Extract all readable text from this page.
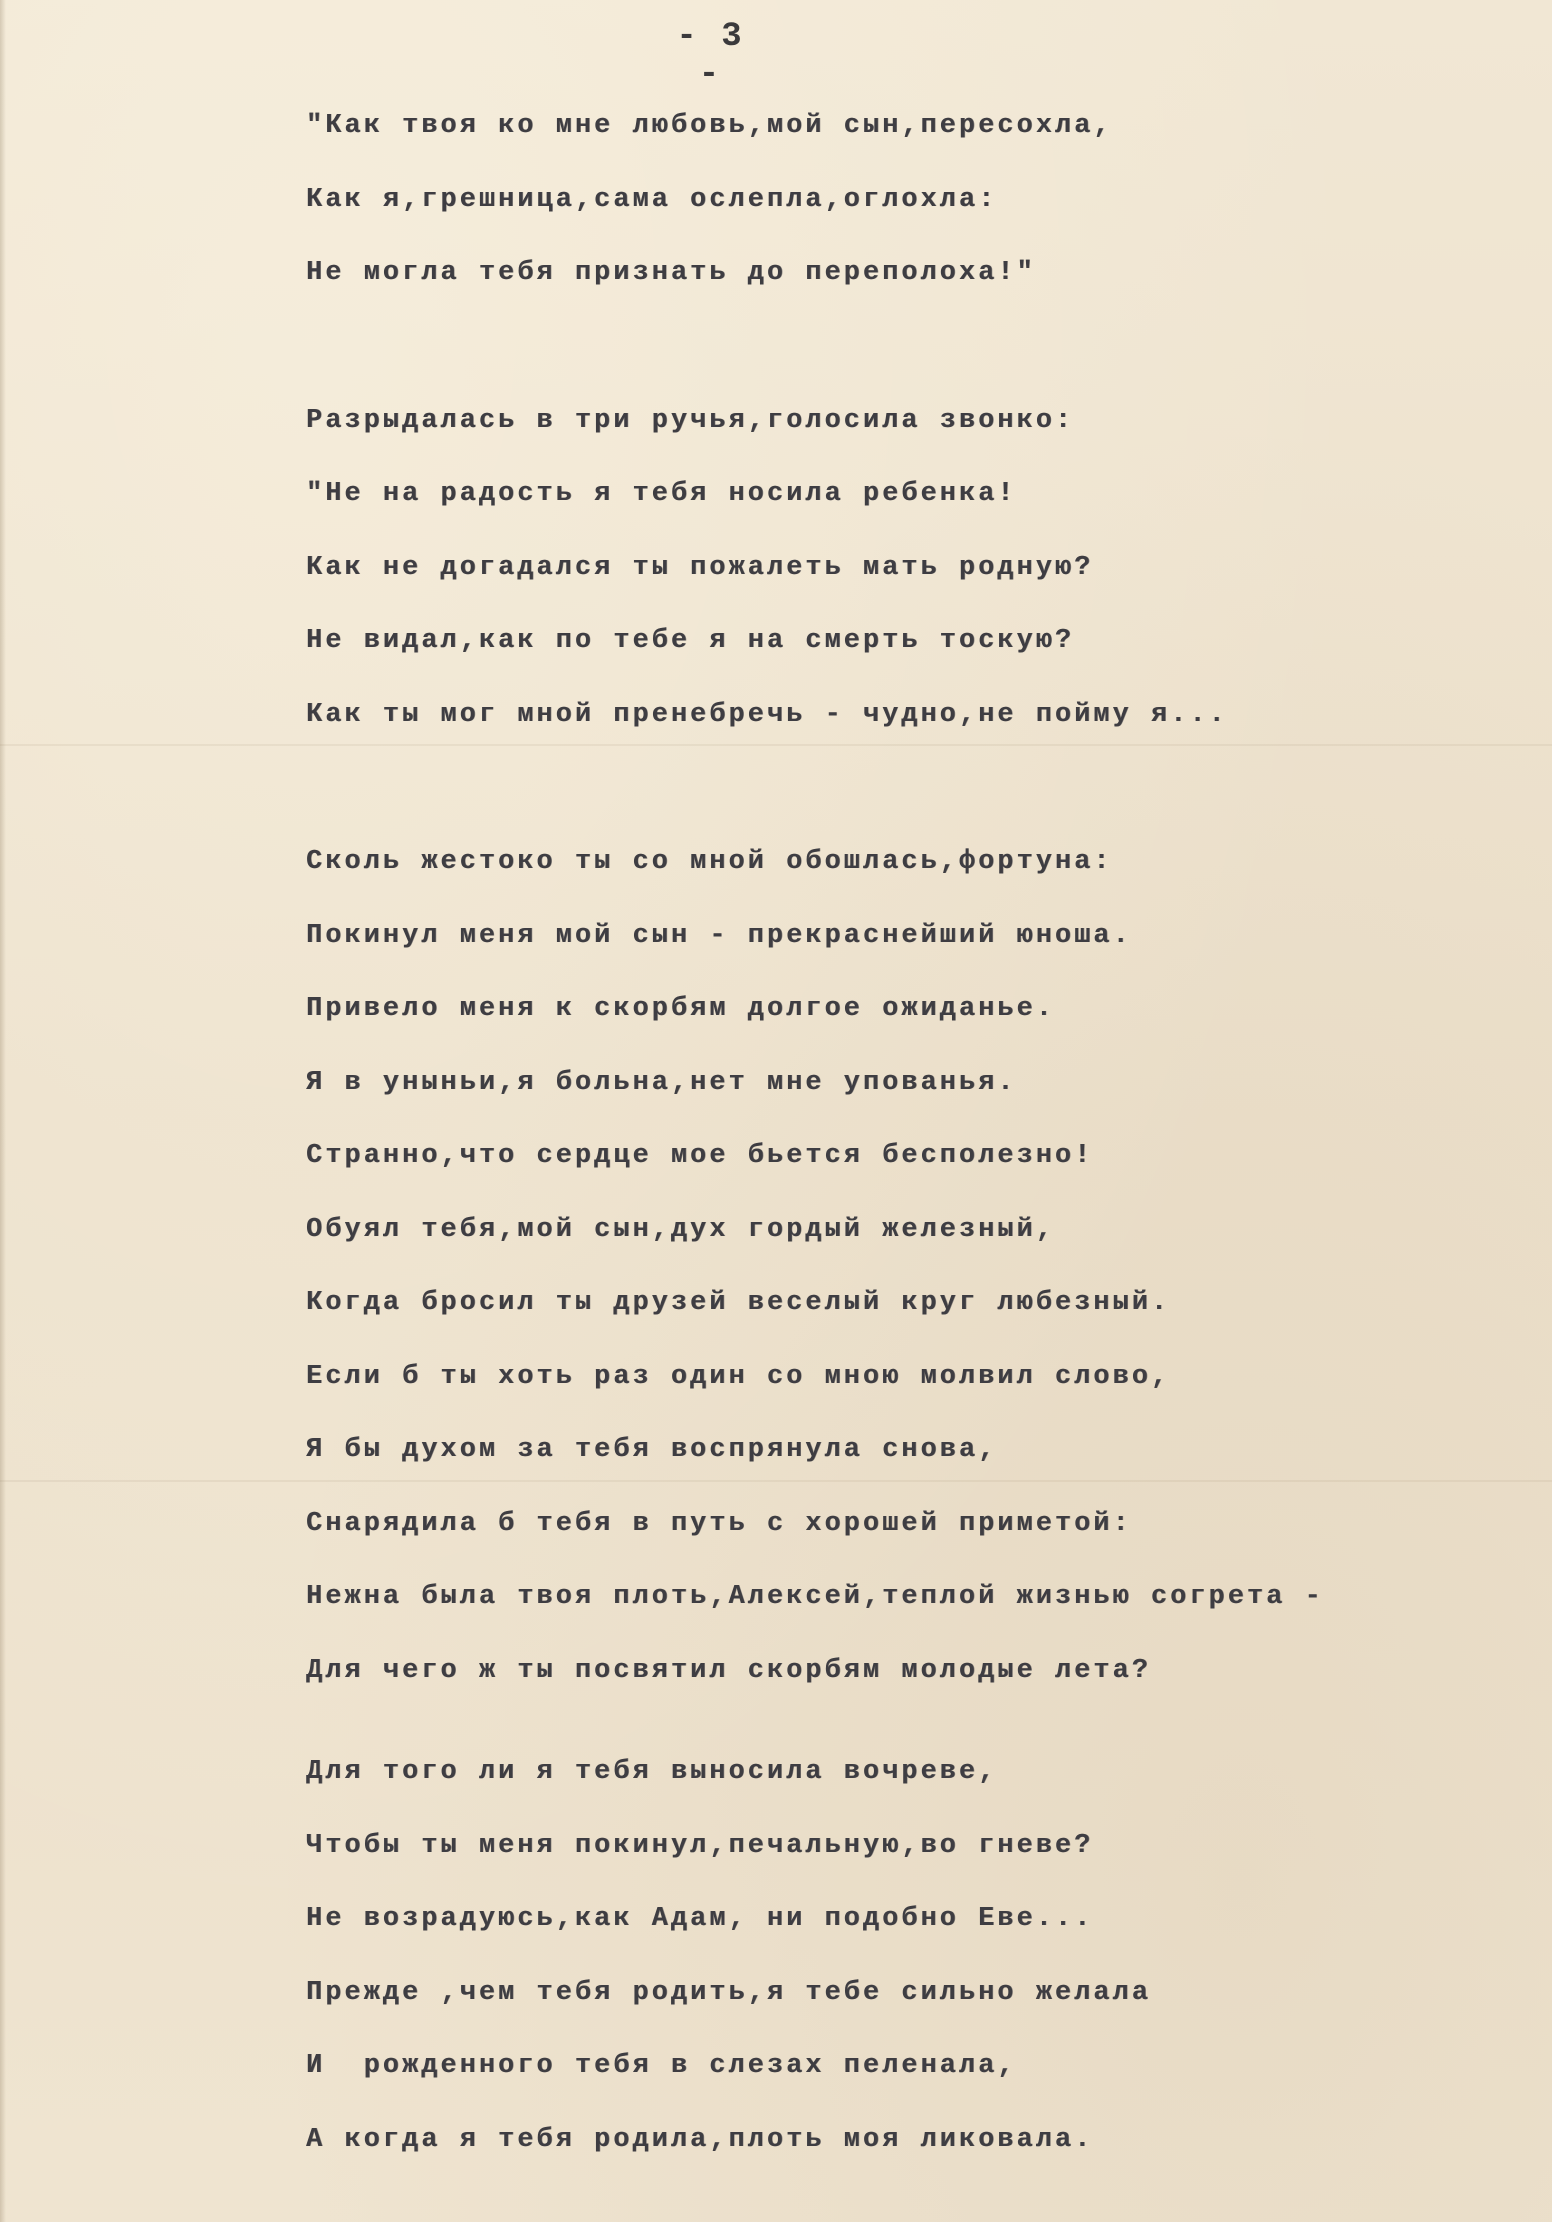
- 3 -
"Как твоя ко мне любовь,мой сын,пересохла,
Как я,грешница,сама ослепла,оглохла:
Не могла тебя признать до переполоха!"
Разрыдалась в три ручья,голосила звонко:
"Не на радость я тебя носила ребенка!
Как не догадался ты пожалеть мать родную?
Не видал,как по тебе я на смерть тоскую?
Как ты мог мной пренебречь - чудно,не пойму я...
Сколь жестоко ты со мной обошлась,фортуна:
Покинул меня мой сын - прекраснейший юноша.
Привело меня к скорбям долгое ожиданье.
Я в уныньи,я больна,нет мне упованья.
Странно,что сердце мое бьется бесполезно!
Обуял тебя,мой сын,дух гордый железный,
Когда бросил ты друзей веселый круг любезный.
Если б ты хоть раз один со мною молвил слово,
Я бы духом за тебя воспрянула снова,
Снарядила б тебя в путь с хорошей приметой:
Нежна была твоя плоть,Алексей,теплой жизнью согрета -
Для чего ж ты посвятил скорбям молодые лета?
Для того ли я тебя выносила вочреве,
Чтобы ты меня покинул,печальную,во гневе?
Не возрадуюсь,как Адам, ни подобно Еве...
Прежде ,чем тебя родить,я тебе сильно желала
И  рожденного тебя в слезах пеленала,
А когда я тебя родила,плоть моя ликовала.
